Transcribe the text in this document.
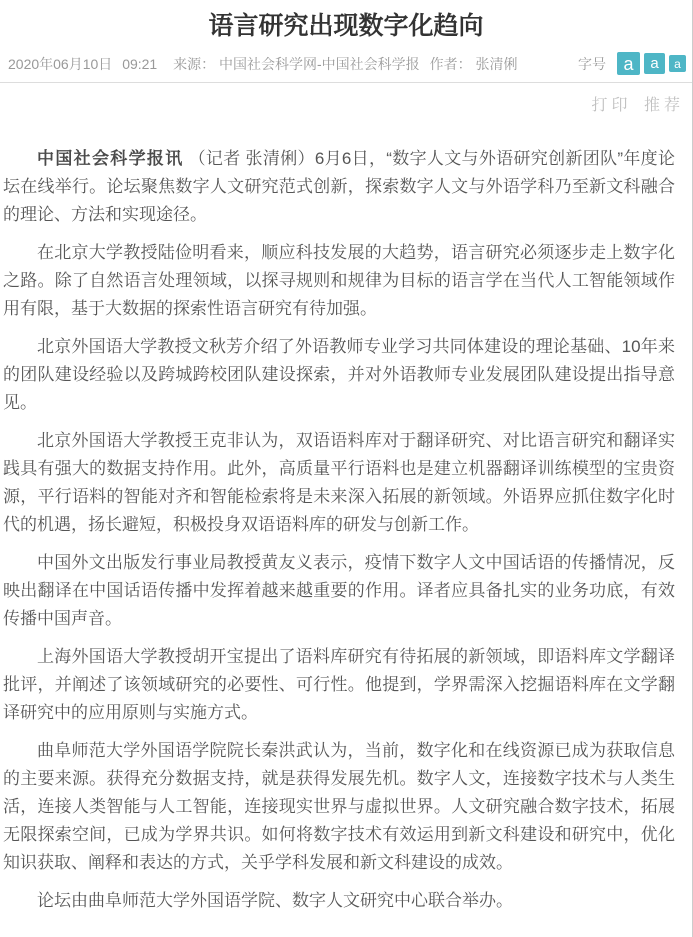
语言研究出现数字化趋向
2020年06月10日 09:21 来源： 中国社会科学网-中国社会科学报 作者： 张清俐	字号 a	a	a
打印 推荐

中国社会科学报讯 （记者 张清俐）6月6日，“数字人文与外语研究创新团队”年度论坛在线举行。论坛聚焦数字人文研究范式创新，探索数字人文与外语学科乃至新文科融合的理论、方法和实现途径。

在北京大学教授陆俭明看来，顺应科技发展的大趋势，语言研究必须逐步走上数字化之路。除了自然语言处理领域，以探寻规则和规律为目标的语言学在当代人工智能领域作用有限，基于大数据的探索性语言研究有待加强。

北京外国语大学教授文秋芳介绍了外语教师专业学习共同体建设的理论基础、10年来的团队建设经验以及跨城跨校团队建设探索，并对外语教师专业发展团队建设提出指导意见。

北京外国语大学教授王克非认为，双语语料库对于翻译研究、对比语言研究和翻译实践具有强大的数据支持作用。此外，高质量平行语料也是建立机器翻译训练模型的宝贵资源，平行语料的智能对齐和智能检索将是未来深入拓展的新领域。外语界应抓住数字化时代的机遇，扬长避短，积极投身双语语料库的研发与创新工作。

中国外文出版发行事业局教授黄友义表示，疫情下数字人文中国话语的传播情况，反映出翻译在中国话语传播中发挥着越来越重要的作用。译者应具备扎实的业务功底，有效传播中国声音。

上海外国语大学教授胡开宝提出了语料库研究有待拓展的新领域，即语料库文学翻译批评，并阐述了该领域研究的必要性、可行性。他提到，学界需深入挖掘语料库在文学翻译研究中的应用原则与实施方式。

曲阜师范大学外国语学院院长秦洪武认为，当前，数字化和在线资源已成为获取信息的主要来源。获得充分数据支持，就是获得发展先机。数字人文，连接数字技术与人类生活，连接人类智能与人工智能，连接现实世界与虚拟世界。人文研究融合数字技术，拓展无限探索空间，已成为学界共识。如何将数字技术有效运用到新文科建设和研究中，优化知识获取、阐释和表达的方式，关乎学科发展和新文科建设的成效。

论坛由曲阜师范大学外国语学院、数字人文研究中心联合举办。
